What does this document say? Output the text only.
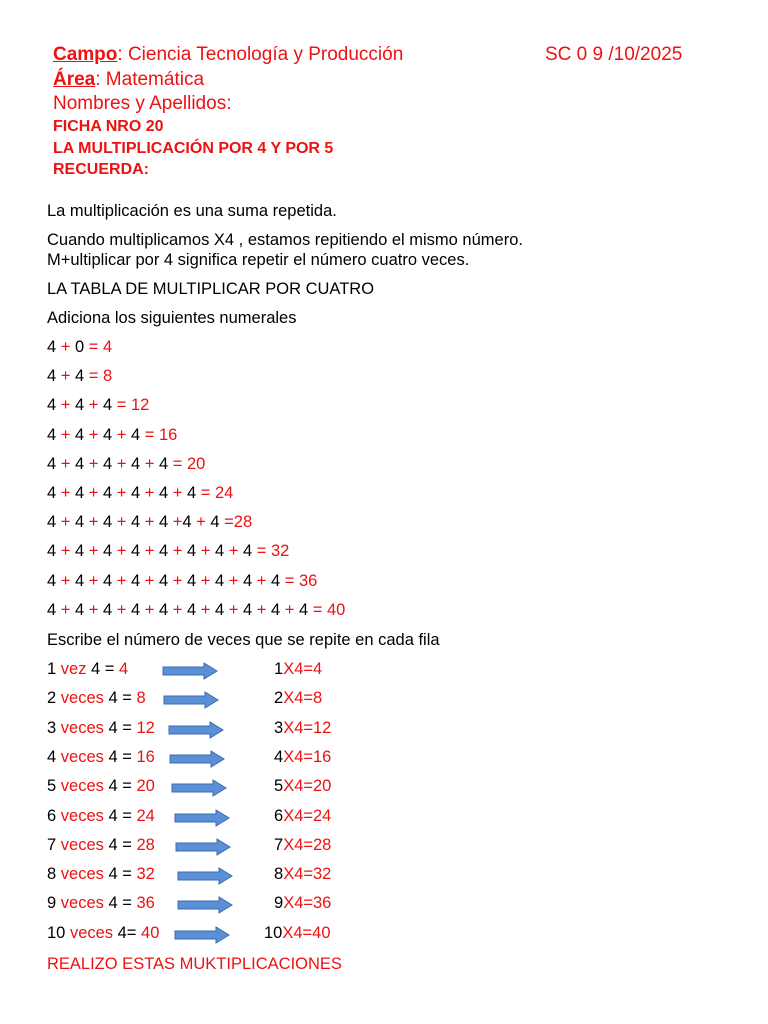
Campo: Ciencia Tecnología y Producción	SC 0 9 /10/2025
Área: Matemática
Nombres y Apellidos:
FICHA NRO 20
LA MULTIPLICACIÓN POR 4 Y POR 5
RECUERDA:
La multiplicación es una suma repetida.
Cuando multiplicamos X4 , estamos repitiendo el mismo número.
M+ultiplicar por 4 significa repetir el número cuatro veces.
LA TABLA DE MULTIPLICAR POR CUATRO
Adiciona los siguientes numerales
4 + 0 = 4
4 + 4 = 8
4 + 4 + 4 = 12
4 + 4 + 4 + 4 = 16
4 + 4 + 4 + 4 + 4 = 20
4 + 4 + 4 + 4 + 4 + 4 = 24
4 + 4 + 4 + 4 + 4 +4 + 4 =28
4 + 4 + 4 + 4 + 4 + 4 + 4 + 4 = 32
4 + 4 + 4 + 4 + 4 + 4 + 4 + 4 + 4 = 36
4 + 4 + 4 + 4 + 4 + 4 + 4 + 4 + 4 + 4 = 40
Escribe el número de veces que se repite en cada fila
1 vez 4 = 4	1X4=4
2 veces 4 = 8	2X4=8
3 veces 4 = 12	3X4=12
4 veces 4 = 16	4X4=16
5 veces 4 = 20	5X4=20
6 veces 4 = 24	6X4=24
7 veces 4 = 28	7X4=28
8 veces 4 = 32	8X4=32
9 veces 4 = 36	9X4=36
10 veces 4= 40	10X4=40
REALIZO ESTAS MUKTIPLICACIONES
